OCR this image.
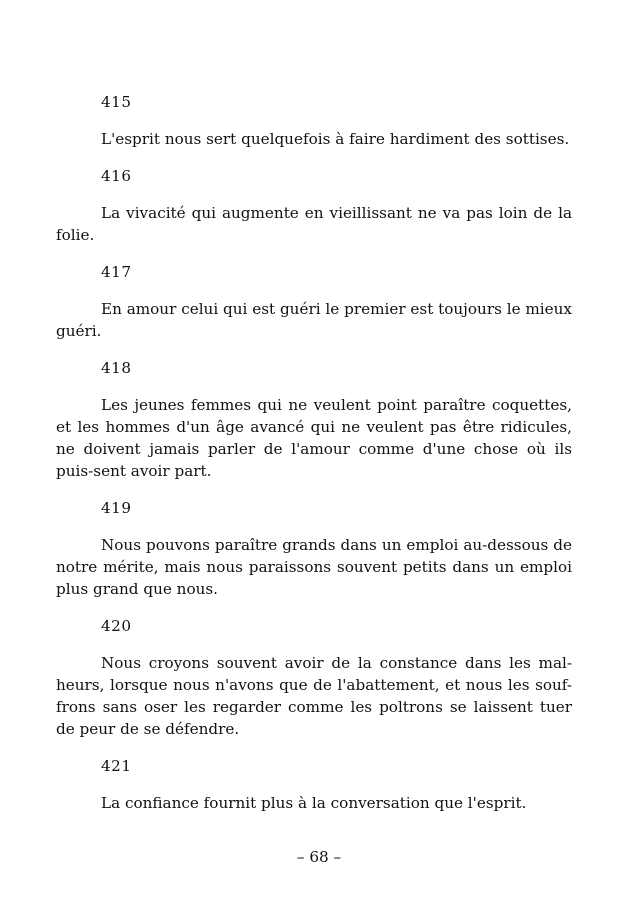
415

L'esprit nous sert quelquefois à faire hardiment des sottises.

416

La vivacité qui augmente en vieillissant ne va pas loin de la folie.

417

En amour celui qui est guéri le premier est toujours le mieux guéri.

418

Les jeunes femmes qui ne veulent point paraître coquettes, et les hommes d'un âge avancé qui ne veulent pas être ridicules, ne doivent jamais parler de l'amour comme d'une chose où ils puis-sent avoir part.

419

Nous pouvons paraître grands dans un emploi au-dessous de notre mérite, mais nous paraissons souvent petits dans un emploi plus grand que nous.

420

Nous croyons souvent avoir de la constance dans les mal-heurs, lorsque nous n'avons que de l'abattement, et nous les souf-frons sans oser les regarder comme les poltrons se laissent tuer de peur de se défendre.

421

La confiance fournit plus à la conversation que l'esprit.

– 68 –
